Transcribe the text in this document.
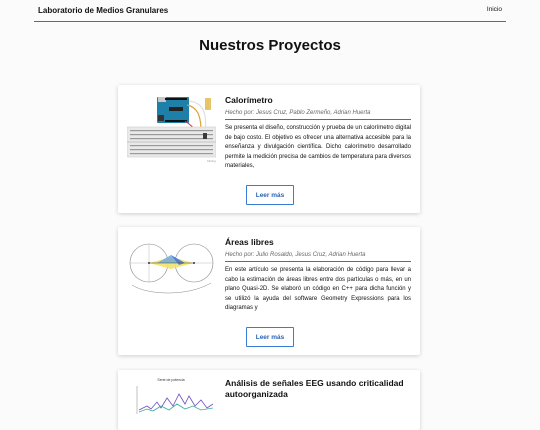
Laboratorio de Medios Granulares	Inicio
Nuestros Proyectos
fritzing
Calorímetro
Hecho por: Jesus Cruz, Pablo Zermeño, Adrian Huerta
Se presenta el diseño, construcción y prueba de un calorímetro digital de bajo costo. El objetivo es ofrecer una alternativa accesible para la enseñanza y divulgación científica. Dicho calorímetro desarrollado permite la medición precisa de cambios de temperatura para diversos materiales,
Leer más
Áreas libres
Hecho por: Julio Rosaldo, Jesus Cruz, Adrian Huerta
En este artículo se presenta la elaboración de código para llevar a cabo la estimación de áreas libres entre dos partículas o más, en un plano Quasi-2D. Se elaboró un código en C++ para dicha función y se utilizó la ayuda del software Geometry Expressions para los diagramas y
Leer más
Serie de potencia	Análisis de señales EEG usando criticalidad autoorganizada
